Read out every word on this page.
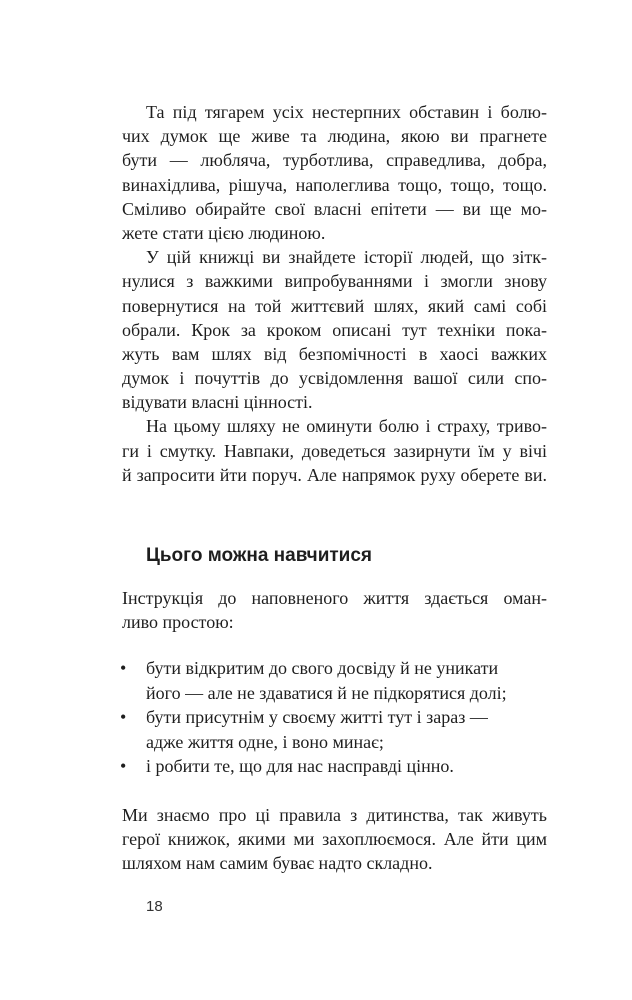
Та під тягарем усіх нестерпних обставин і болю-
чих думок ще живе та людина, якою ви прагнете
бути — любляча, турботлива, справедлива, добра,
винахідлива, рішуча, наполеглива тощо, тощо, тощо.
Сміливо обирайте свої власні епітети — ви ще мо-
жете стати цією людиною.
У цій книжці ви знайдете історії людей, що зітк-
нулися з важкими випробуваннями і змогли знову
повернутися на той життєвий шлях, який самі собі
обрали. Крок за кроком описані тут техніки пока-
жуть вам шлях від безпомічності в хаосі важких
думок і почуттів до усвідомлення вашої сили спо-
відувати власні цінності.
На цьому шляху не оминути болю і страху, триво-
ги і смутку. Навпаки, доведеться зазирнути їм у вічі
й запросити йти поруч. Але напрямок руху оберете ви.
Цього можна навчитися
Інструкція до наповненого життя здається оман-
ливо простою:
• бути відкритим до свого досвіду й не уникати
його — але не здаватися й не підкорятися долі;
• бути присутнім у своєму житті тут і зараз —
адже життя одне, і воно минає;
• і робити те, що для нас насправді цінно.
Ми знаємо про ці правила з дитинства, так живуть
герої книжок, якими ми захоплюємося. Але йти цим
шляхом нам самим буває надто складно.
18
